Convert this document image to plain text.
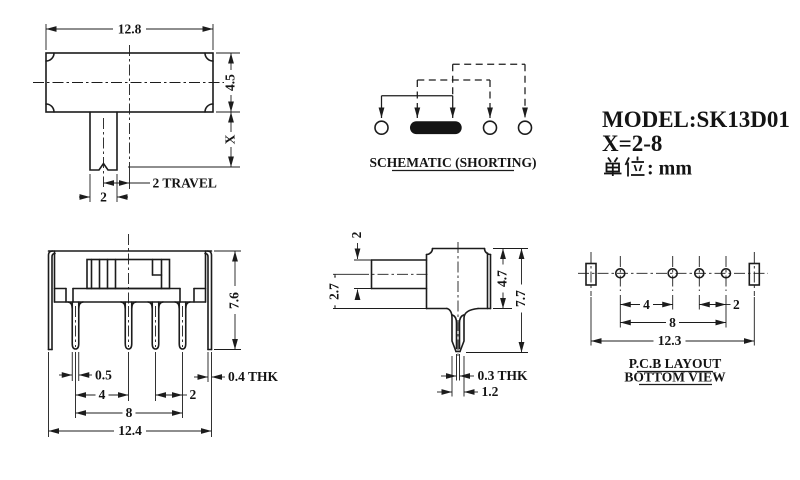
12.8
4.5
X
2 TRAVEL
2
SCHEMATIC (SHORTING)
MODEL:SK13D01
X=2-8
单位 : mm
7.6
0.5
4	2
8
12.4
0.4 THK
2
2.7
4.7
7.7
0.3 THK
1.2
4	2
8
12.3
P.C.B LAYOUT
BOTTOM VIEW
